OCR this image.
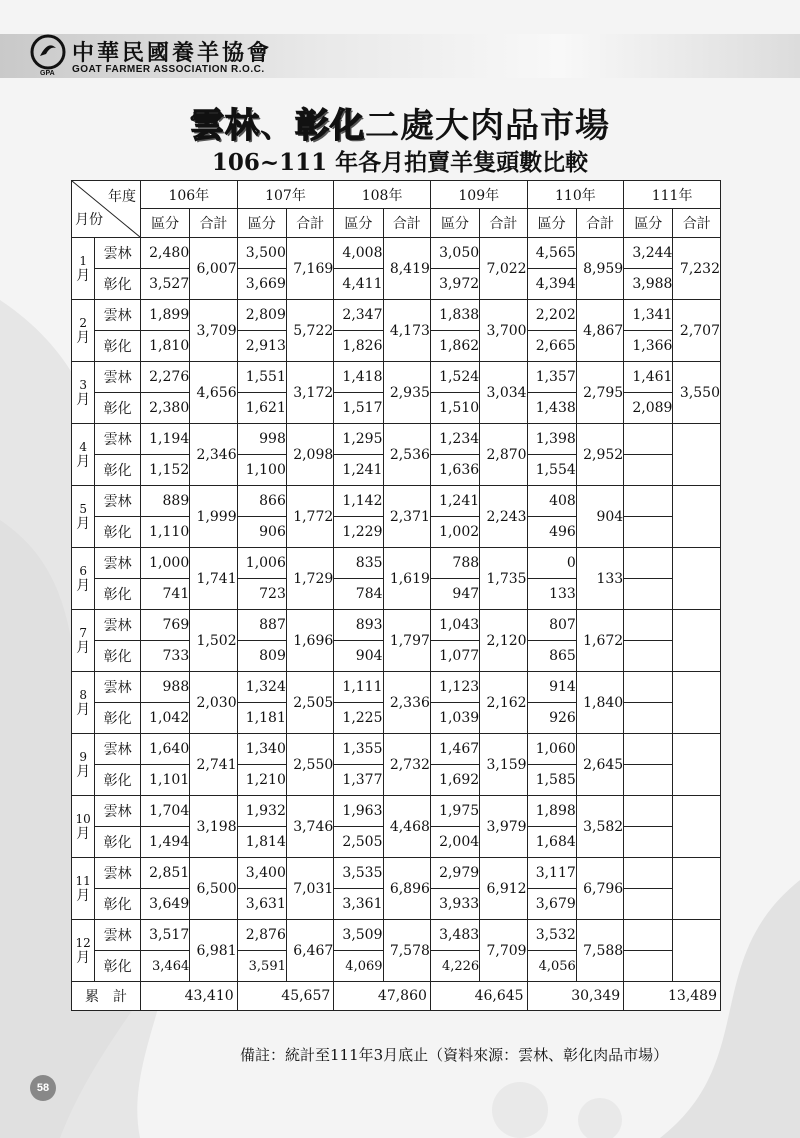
GPA
中華民國養羊協會
GOAT FARMER ASSOCIATION R.O.C.
雲林、彰化二處大肉品市場
106~111 年各月拍賣羊隻頭數比較
年度
月份		106年		107年		108年		109年		110年		111年	
		區分	合計	區分	合計	區分	合計	區分	合計	區分	合計	區分	合計

1
月	雲林	2,480	6,007	3,500	7,169	4,008	8,419	3,050	7,022	4,565	8,959	3,244	7,232
	彰化	3,527		3,669		4,411		3,972		4,394		3,988	

2
月	雲林	1,899	3,709	2,809	5,722	2,347	4,173	1,838	3,700	2,202	4,867	1,341	2,707
	彰化	1,810		2,913		1,826		1,862		2,665		1,366	

3
月	雲林	2,276	4,656	1,551	3,172	1,418	2,935	1,524	3,034	1,357	2,795	1,461	3,550
	彰化	2,380		1,621		1,517		1,510		1,438		2,089	

4
月	雲林	1,194	2,346	998	2,098	1,295	2,536	1,234	2,870	1,398	2,952		
	彰化	1,152		1,100		1,241		1,636		1,554			

5
月	雲林	889	1,999	866	1,772	1,142	2,371	1,241	2,243	408	904		
	彰化	1,110		906		1,229		1,002		496			

6
月	雲林	1,000	1,741	1,006	1,729	835	1,619	788	1,735	0	133		
	彰化	741		723		784		947		133			

7
月	雲林	769	1,502	887	1,696	893	1,797	1,043	2,120	807	1,672		
	彰化	733		809		904		1,077		865			

8
月	雲林	988	2,030	1,324	2,505	1,111	2,336	1,123	2,162	914	1,840		
	彰化	1,042		1,181		1,225		1,039		926			

9
月	雲林	1,640	2,741	1,340	2,550	1,355	2,732	1,467	3,159	1,060	2,645		
	彰化	1,101		1,210		1,377		1,692		1,585			

10
月	雲林	1,704	3,198	1,932	3,746	1,963	4,468	1,975	3,979	1,898	3,582		
	彰化	1,494		1,814		2,505		2,004		1,684			

11
月	雲林	2,851	6,500	3,400	7,031	3,535	6,896	2,979	6,912	3,117	6,796		
	彰化	3,649		3,631		3,361		3,933		3,679			

12
月	雲林	3,517	6,981	2,876	6,467	3,509	7,578	3,483	7,709	3,532	7,588		
	彰化	3,464		3,591		4,069		4,226		4,056			
累　計		43,410		45,657		47,860		46,645		30,349		13,489	
備註：統計至111年3月底止（資料來源：雲林、彰化肉品市場）
58
